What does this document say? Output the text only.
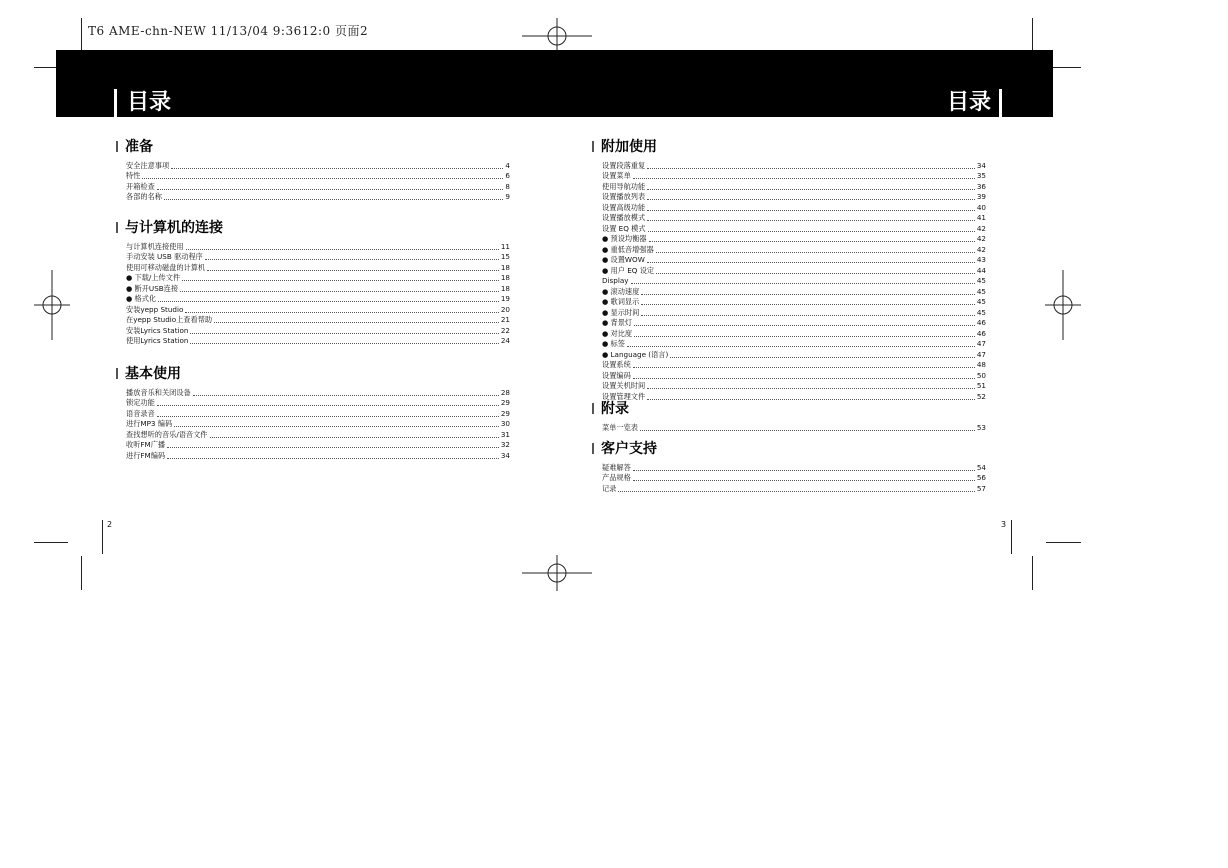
T6 AME-chn-NEW 11/13/04 9:3612:0 页面2
目录	目录
准备
安全注意事项	4
特性	6
开箱检查	8
各部的名称	9
与计算机的连接
与计算机连接使用	11
手动安装 USB 驱动程序	15
使用可移动磁盘的计算机	18
● 下载/上传文件	18
● 断开USB连接	18
● 格式化	19
安装yepp Studio	20
在yepp Studio上查看帮助	21
安装Lyrics Station	22
使用Lyrics Station	24
基本使用
播放音乐和关闭设备	28
锁定功能	29
语音录音	29
进行MP3 编码	30
查找想听的音乐/语音文件	31
收听FM广播	32
进行FM编码	34
附加使用
设置段落重复	34
设置菜单	35
使用导航功能	36
设置播放列表	39
设置高级功能	40
设置播放模式	41
设置 EQ 模式	42
● 预设均衡器	42
● 重低音增强器	42
● 设置WOW	43
● 用户 EQ 设定	44
Display	45
● 滚动速度	45
● 歌词显示	45
● 显示时间	45
● 背景灯	46
● 对比度	46
● 标签	47
● Language (语言)	47
设置系统	48
设置编码	50
设置关机时间	51
设置管理文件	52
附录
菜单一览表	53
客户支持
疑难解答	54
产品规格	56
记录	57
2	3
